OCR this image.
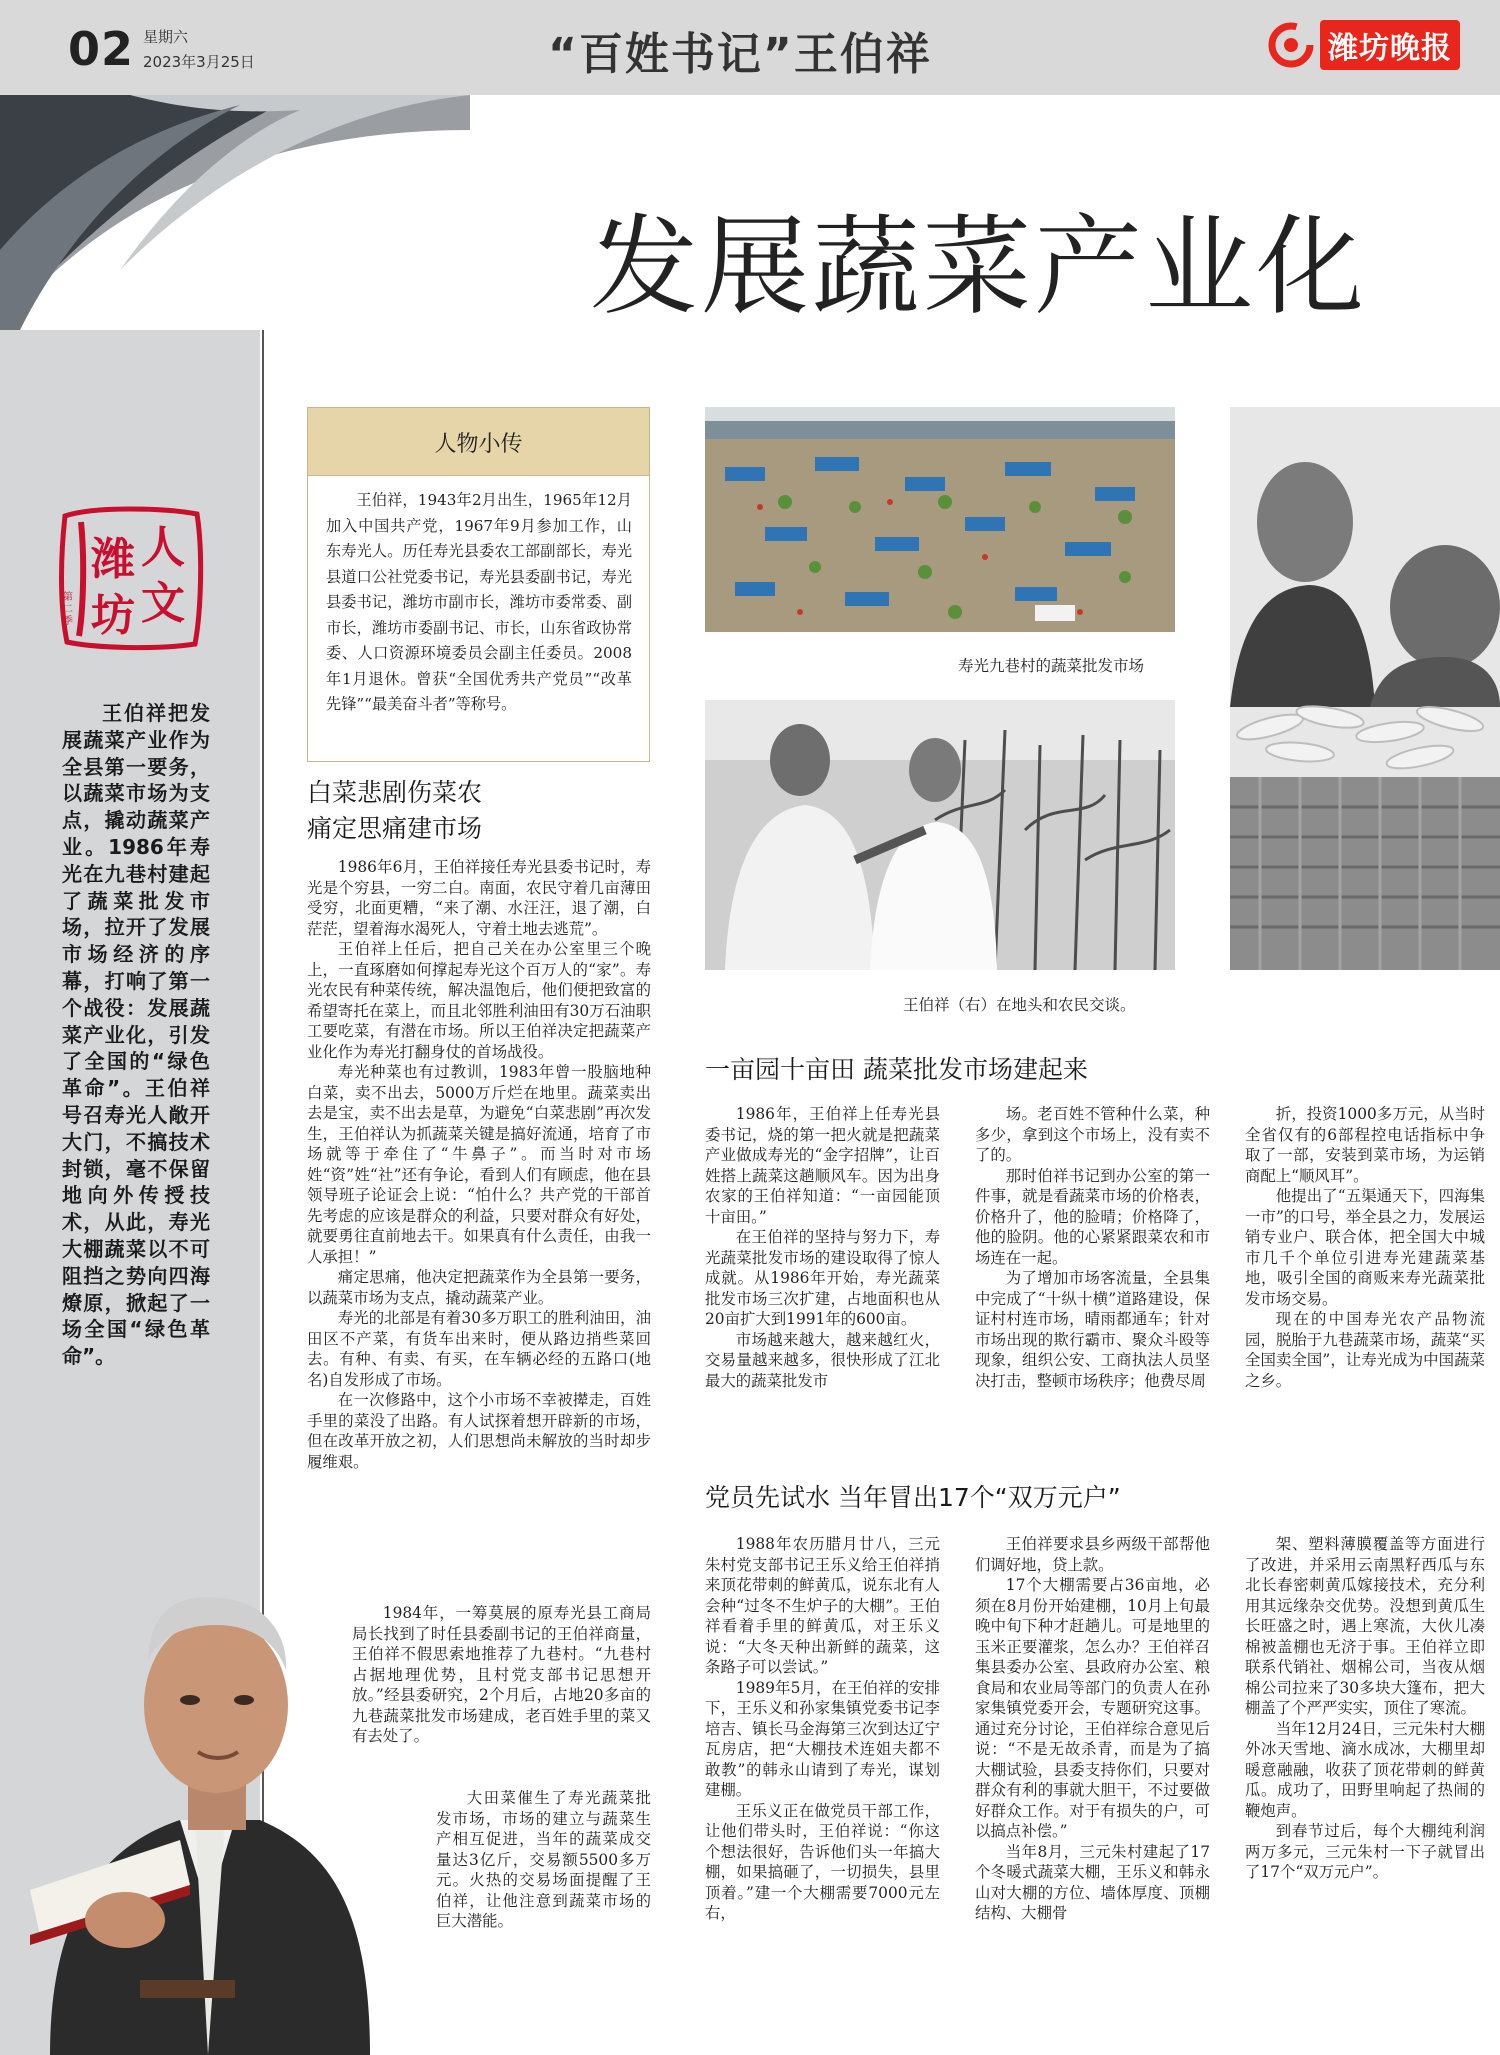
02 星期六
2023年3月25日	“百姓书记”王伯祥	潍坊晚报
潍
坊
人
文
第
二
季
王伯祥把发展蔬菜产业作为全县第一要务，以蔬菜市场为支点，撬动蔬菜产业。1986年寿光在九巷村建起了蔬菜批发市场，拉开了发展市场经济的序幕，打响了第一个战役：发展蔬菜产业化，引发了全国的“绿色革命”。王伯祥号召寿光人敞开大门，不搞技术封锁，毫不保留地向外传授技术，从此，寿光大棚蔬菜以不可阻挡之势向四海燎原，掀起了一场全国“绿色革命”。
发展蔬菜产业化
人物小传
王伯祥，1943年2月出生，1965年12月加入中国共产党，1967年9月参加工作，山东寿光人。历任寿光县委农工部副部长，寿光县道口公社党委书记，寿光县委副书记，寿光县委书记，潍坊市副市长，潍坊市委常委、副市长，潍坊市委副书记、市长，山东省政协常委、人口资源环境委员会副主任委员。2008年1月退休。曾获“全国优秀共产党员”“改革先锋”“最美奋斗者”等称号。
白菜悲剧伤菜农
痛定思痛建市场

1986年6月，王伯祥接任寿光县委书记时，寿光是个穷县，一穷二白。南面，农民守着几亩薄田受穷，北面更糟，“来了潮、水汪汪，退了潮，白茫茫，望着海水渴死人，守着土地去逃荒”。

王伯祥上任后，把自己关在办公室里三个晚上，一直琢磨如何撑起寿光这个百万人的“家”。寿光农民有种菜传统，解决温饱后，他们便把致富的希望寄托在菜上，而且北邻胜利油田有30万石油职工要吃菜，有潜在市场。所以王伯祥决定把蔬菜产业化作为寿光打翻身仗的首场战役。

寿光种菜也有过教训，1983年曾一股脑地种白菜，卖不出去，5000万斤烂在地里。蔬菜卖出去是宝，卖不出去是草，为避免“白菜悲剧”再次发生，王伯祥认为抓蔬菜关键是搞好流通，培育了市场就等于牵住了“牛鼻子”。而当时对市场姓“资”姓“社”还有争论，看到人们有顾虑，他在县领导班子论证会上说：“怕什么？共产党的干部首先考虑的应该是群众的利益，只要对群众有好处，就要勇往直前地去干。如果真有什么责任，由我一人承担！”

痛定思痛，他决定把蔬菜作为全县第一要务，以蔬菜市场为支点，撬动蔬菜产业。

寿光的北部是有着30多万职工的胜利油田，油田区不产菜，有货车出来时，便从路边捎些菜回去。有种、有卖、有买，在车辆必经的五路口(地名)自发形成了市场。

在一次修路中，这个小市场不幸被撵走，百姓手里的菜没了出路。有人试探着想开辟新的市场，但在改革开放之初，人们思想尚未解放的当时却步履维艰。

1984年，一筹莫展的原寿光县工商局局长找到了时任县委副书记的王伯祥商量，王伯祥不假思索地推荐了九巷村。“九巷村占据地理优势，且村党支部书记思想开放。”经县委研究，2个月后，占地20多亩的九巷蔬菜批发市场建成，老百姓手里的菜又有去处了。

大田菜催生了寿光蔬菜批发市场，市场的建立与蔬菜生产相互促进，当年的蔬菜成交量达3亿斤，交易额5500多万元。火热的交易场面提醒了王伯祥，让他注意到蔬菜市场的巨大潜能。

寿光九巷村的蔬菜批发市场
王伯祥（右）在地头和农民交谈。
一亩园十亩田 蔬菜批发市场建起来

1986年，王伯祥上任寿光县委书记，烧的第一把火就是把蔬菜产业做成寿光的“金字招牌”，让百姓搭上蔬菜这趟顺风车。因为出身农家的王伯祥知道：“一亩园能顶十亩田。”

在王伯祥的坚持与努力下，寿光蔬菜批发市场的建设取得了惊人成就。从1986年开始，寿光蔬菜批发市场三次扩建，占地面积也从20亩扩大到1991年的600亩。

市场越来越大，越来越红火，交易量越来越多，很快形成了江北最大的蔬菜批发市

场。老百姓不管种什么菜，种多少，拿到这个市场上，没有卖不了的。

那时伯祥书记到办公室的第一件事，就是看蔬菜市场的价格表，价格升了，他的脸晴；价格降了，他的脸阴。他的心紧紧跟菜农和市场连在一起。

为了增加市场客流量，全县集中完成了“十纵十横”道路建设，保证村村连市场，晴雨都通车；针对市场出现的欺行霸市、聚众斗殴等现象，组织公安、工商执法人员坚决打击，整顿市场秩序；他费尽周

折，投资1000多万元，从当时全省仅有的6部程控电话指标中争取了一部，安装到菜市场，为运销商配上“顺风耳”。

他提出了“五渠通天下，四海集一市”的口号，举全县之力，发展运销专业户、联合体，把全国大中城市几千个单位引进寿光建蔬菜基地，吸引全国的商贩来寿光蔬菜批发市场交易。

现在的中国寿光农产品物流园，脱胎于九巷蔬菜市场，蔬菜“买全国卖全国”，让寿光成为中国蔬菜之乡。

党员先试水 当年冒出17个“双万元户”

1988年农历腊月廿八，三元朱村党支部书记王乐义给王伯祥捎来顶花带刺的鲜黄瓜，说东北有人会种“过冬不生炉子的大棚”。王伯祥看着手里的鲜黄瓜，对王乐义说：“大冬天种出新鲜的蔬菜，这条路子可以尝试。”

1989年5月，在王伯祥的安排下，王乐义和孙家集镇党委书记李培吉、镇长马金海第三次到达辽宁瓦房店，把“大棚技术连姐夫都不敢教”的韩永山请到了寿光，谋划建棚。

王乐义正在做党员干部工作，让他们带头时，王伯祥说：“你这个想法很好，告诉他们头一年搞大棚，如果搞砸了，一切损失，县里顶着。”建一个大棚需要7000元左右，

王伯祥要求县乡两级干部帮他们调好地，贷上款。

17个大棚需要占36亩地，必须在8月份开始建棚，10月上旬最晚中旬下种才赶趟儿。可是地里的玉米正要灌浆，怎么办？王伯祥召集县委办公室、县政府办公室、粮食局和农业局等部门的负责人在孙家集镇党委开会，专题研究这事。通过充分讨论，王伯祥综合意见后说：“不是无故杀青，而是为了搞大棚试验，县委支持你们，只要对群众有利的事就大胆干，不过要做好群众工作。对于有损失的户，可以搞点补偿。”

当年8月，三元朱村建起了17个冬暖式蔬菜大棚，王乐义和韩永山对大棚的方位、墙体厚度、顶棚结构、大棚骨

架、塑料薄膜覆盖等方面进行了改进，并采用云南黑籽西瓜与东北长春密刺黄瓜嫁接技术，充分利用其远缘杂交优势。没想到黄瓜生长旺盛之时，遇上寒流，大伙儿凑棉被盖棚也无济于事。王伯祥立即联系代销社、烟棉公司，当夜从烟棉公司拉来了30多块大篷布，把大棚盖了个严严实实，顶住了寒流。

当年12月24日，三元朱村大棚外冰天雪地、滴水成冰，大棚里却暖意融融，收获了顶花带刺的鲜黄瓜。成功了，田野里响起了热闹的鞭炮声。

到春节过后，每个大棚纯利润两万多元，三元朱村一下子就冒出了17个“双万元户”。
